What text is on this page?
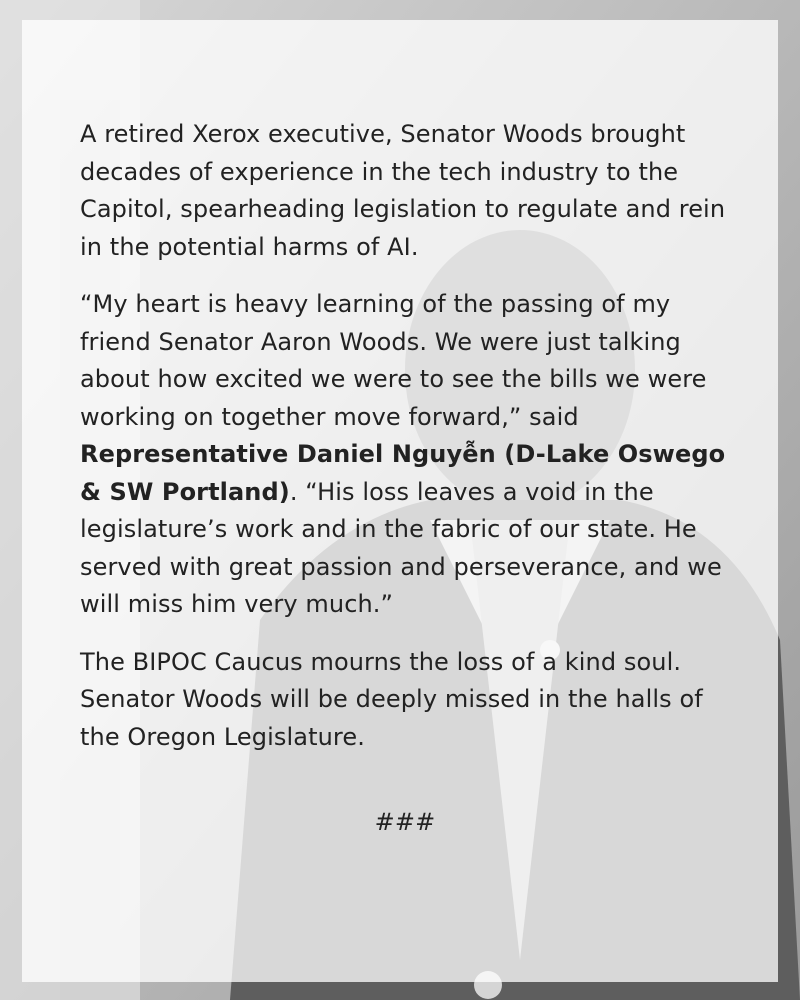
A retired Xerox executive, Senator Woods brought decades of experience in the tech industry to the Capitol, spearheading legislation to regulate and rein in the potential harms of AI.

“My heart is heavy learning of the passing of my friend Senator Aaron Woods. We were just talking about how excited we were to see the bills we were working on together move forward,” said Representative Daniel Nguyễn (D-Lake Oswego & SW Portland). “His loss leaves a void in the legislature’s work and in the fabric of our state. He served with great passion and perseverance, and we will miss him very much.”

The BIPOC Caucus mourns the loss of a kind soul. Senator Woods will be deeply missed in the halls of the Oregon Legislature.

###
